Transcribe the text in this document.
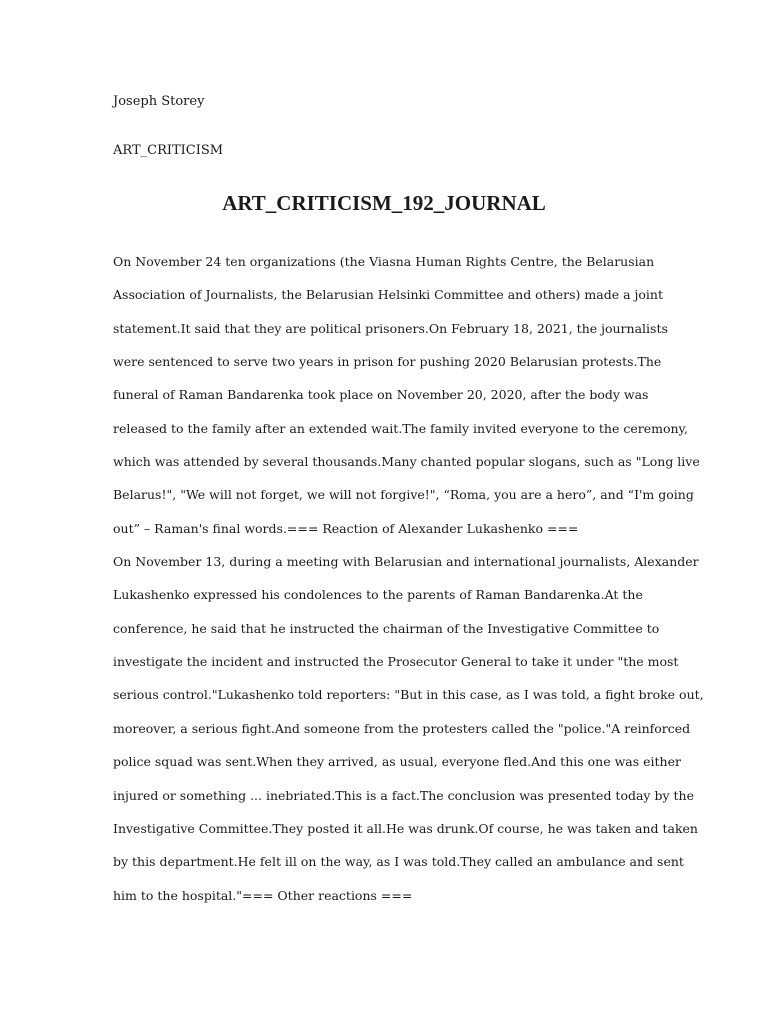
Joseph Storey
ART_CRITICISM
ART_CRITICISM_192_JOURNAL
On November 24 ten organizations (the Viasna Human Rights Centre, the Belarusian
Association of Journalists, the Belarusian Helsinki Committee and others) made a joint
statement.It said that they are political prisoners.On February 18, 2021, the journalists
were sentenced to serve two years in prison for pushing 2020 Belarusian protests.The
funeral of Raman Bandarenka took place on November 20, 2020, after the body was
released to the family after an extended wait.The family invited everyone to the ceremony,
which was attended by several thousands.Many chanted popular slogans, such as "Long live
Belarus!", "We will not forget, we will not forgive!", “Roma, you are a hero”, and “I'm going
out” – Raman's final words.=== Reaction of Alexander Lukashenko ===
On November 13, during a meeting with Belarusian and international journalists, Alexander
Lukashenko expressed his condolences to the parents of Raman Bandarenka.At the
conference, he said that he instructed the chairman of the Investigative Committee to
investigate the incident and instructed the Prosecutor General to take it under "the most
serious control."Lukashenko told reporters: "But in this case, as I was told, a fight broke out,
moreover, a serious fight.And someone from the protesters called the "police."A reinforced
police squad was sent.When they arrived, as usual, everyone fled.And this one was either
injured or something ... inebriated.This is a fact.The conclusion was presented today by the
Investigative Committee.They posted it all.He was drunk.Of course, he was taken and taken
by this department.He felt ill on the way, as I was told.They called an ambulance and sent
him to the hospital."=== Other reactions ===
